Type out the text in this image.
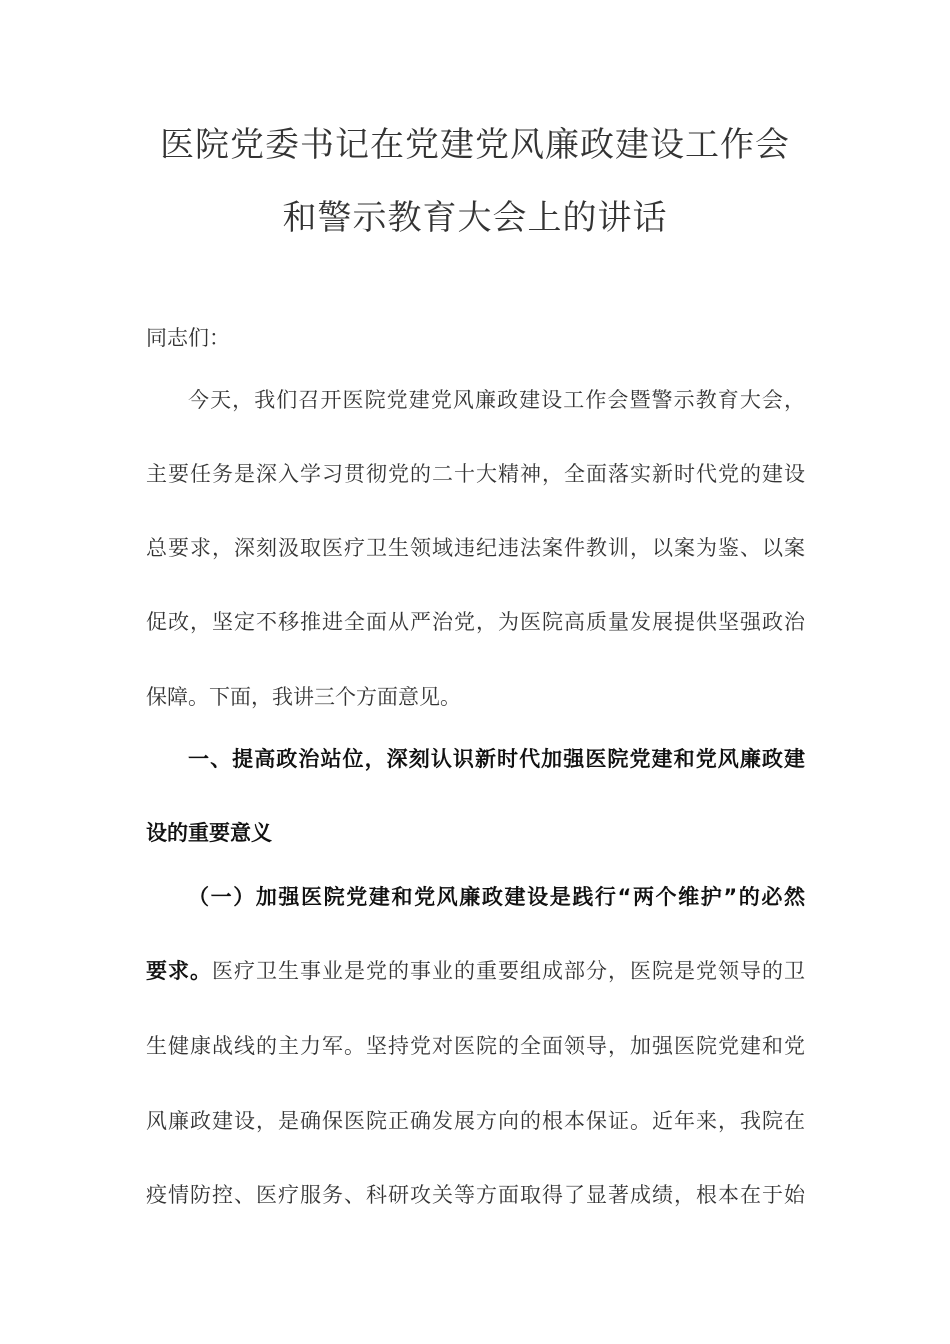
医院党委书记在党建党风廉政建设工作会
和警示教育大会上的讲话
同志们：
今天，我们召开医院党建党风廉政建设工作会暨警示教育大会，
主要任务是深入学习贯彻党的二十大精神，全面落实新时代党的建设
总要求，深刻汲取医疗卫生领域违纪违法案件教训，以案为鉴、以案
促改，坚定不移推进全面从严治党，为医院高质量发展提供坚强政治
保障。下面，我讲三个方面意见。
一、提高政治站位，深刻认识新时代加强医院党建和党风廉政建
设的重要意义
（一）加强医院党建和党风廉政建设是践行“两个维护”的必然
要求。医疗卫生事业是党的事业的重要组成部分，医院是党领导的卫
生健康战线的主力军。坚持党对医院的全面领导，加强医院党建和党
风廉政建设，是确保医院正确发展方向的根本保证。近年来，我院在
疫情防控、医疗服务、科研攻关等方面取得了显著成绩，根本在于始
